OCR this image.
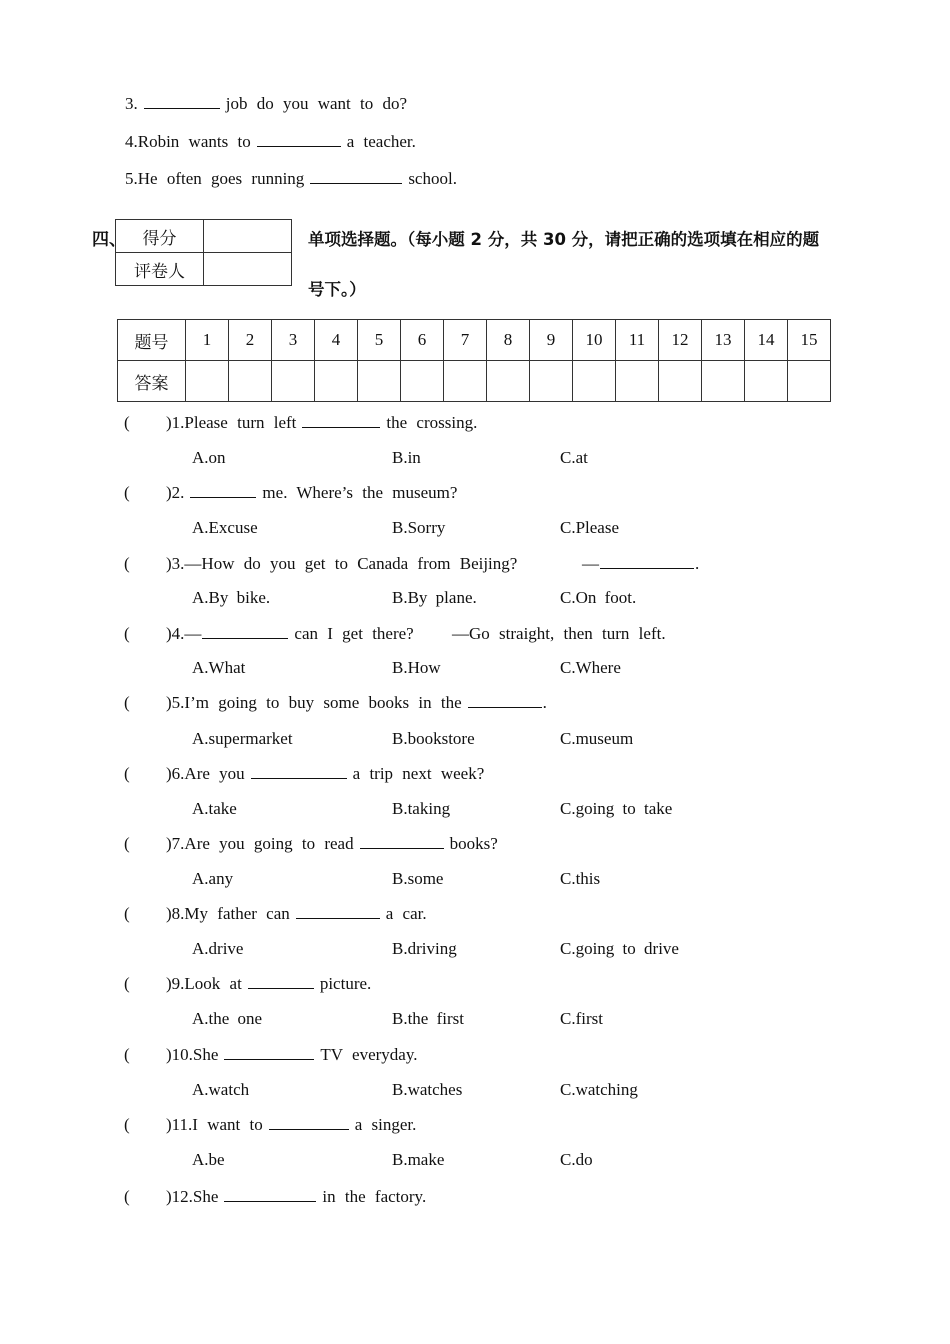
3.	job do you want to do?
4.Robin wants to	a teacher.
5.He often goes running	school.
四、 得分	
评卷人	
单项选择题。（每小题 2 分，共 30 分，请把正确的选项填在相应的题
号下。）
题号	1	2	3	4	5	6	7	8	9	10	11	12	13	14	15
答案															
( )1.Please turn left	the crossing.
A.on	B.in	C.at
( )2.	me. Where’s the museum?
A.Excuse	B.Sorry	C.Please
( )3.—How do you get to Canada from Beijing?	—	.
A.By bike.	B.By plane.	C.On foot.
( )4.—	can I get there? —Go straight, then turn left.
A.What	B.How	C.Where
( )5.I’m going to buy some books in the	.
A.supermarket	B.bookstore	C.museum
( )6.Are you	a trip next week?
A.take	B.taking	C.going to take
( )7.Are you going to read	books?
A.any	B.some	C.this
( )8.My father can	a car.
A.drive	B.driving	C.going to drive
( )9.Look at	picture.
A.the one	B.the first	C.first
( )10.She	TV everyday.
A.watch	B.watches	C.watching
( )11.I want to	a singer.
A.be	B.make	C.do
( )12.She	in the factory.
